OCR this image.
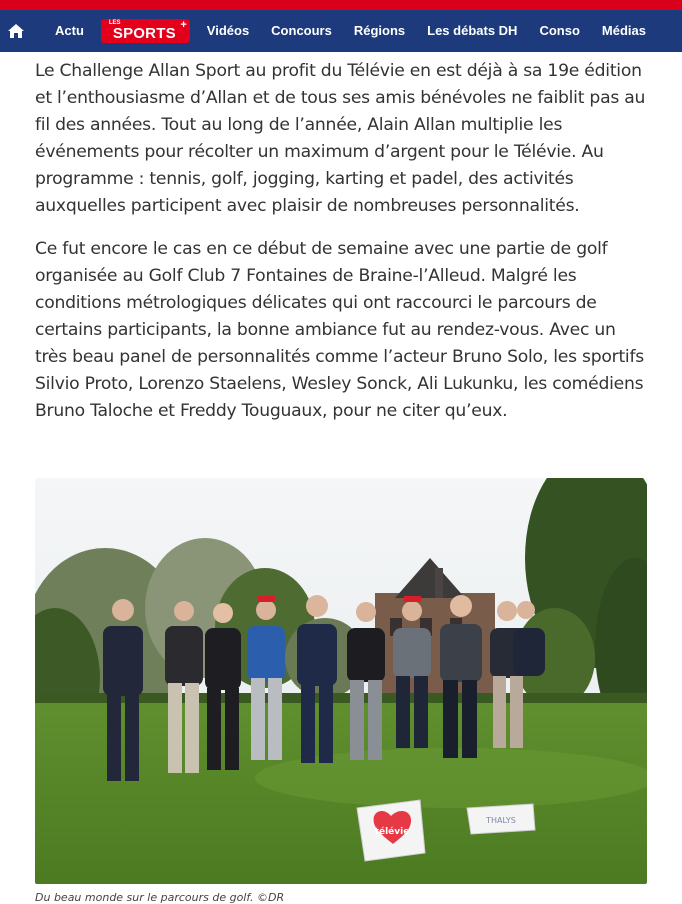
Actu	LES
SPORTS +	Vidéos	Concours	Régions	Les débats DH	Conso	Médias

Le Challenge Allan Sport au profit du Télévie en est déjà à sa 19e édition et l’enthousiasme d’Allan et de tous ses amis bénévoles ne faiblit pas au fil des années. Tout au long de l’année, Alain Allan multiplie les événements pour récolter un maximum d’argent pour le Télévie. Au programme : tennis, golf, jogging, karting et padel, des activités auxquelles participent avec plaisir de nombreuses personnalités.

Ce fut encore le cas en ce début de semaine avec une partie de golf organisée au Golf Club 7 Fontaines de Braine-l’Alleud. Malgré les conditions métrologiques délicates qui ont raccourci le parcours de certains participants, la bonne ambiance fut au rendez-vous. Avec un très beau panel de personnalités comme l’acteur Bruno Solo, les sportifs Silvio Proto, Lorenzo Staelens, Wesley Sonck, Ali Lukunku, les comédiens Bruno Taloche et Freddy Touguaux, pour ne citer qu’eux.

télévie
THALYS
Du beau monde sur le parcours de golf. ©DR
